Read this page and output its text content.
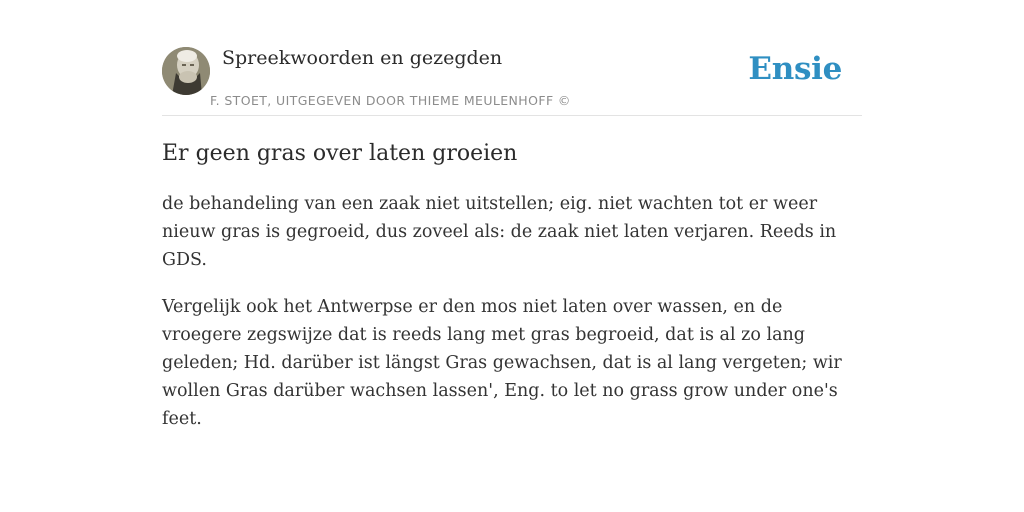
Spreekwoorden en gezegden
F. STOET, UITGEGEVEN DOOR THIEME MEULENHOFF ©
Ensie
Er geen gras over laten groeien

de behandeling van een zaak niet uitstellen; eig. niet wachten tot er weer nieuw gras is gegroeid, dus zoveel als: de zaak niet laten verjaren. Reeds in GDS.

Vergelijk ook het Antwerpse er den mos niet laten over wassen, en de vroegere zegswijze dat is reeds lang met gras begroeid, dat is al zo lang geleden; Hd. darüber ist längst Gras gewachsen, dat is al lang vergeten; wir wollen Gras darüber wachsen lassen', Eng. to let no grass grow under one's feet.
